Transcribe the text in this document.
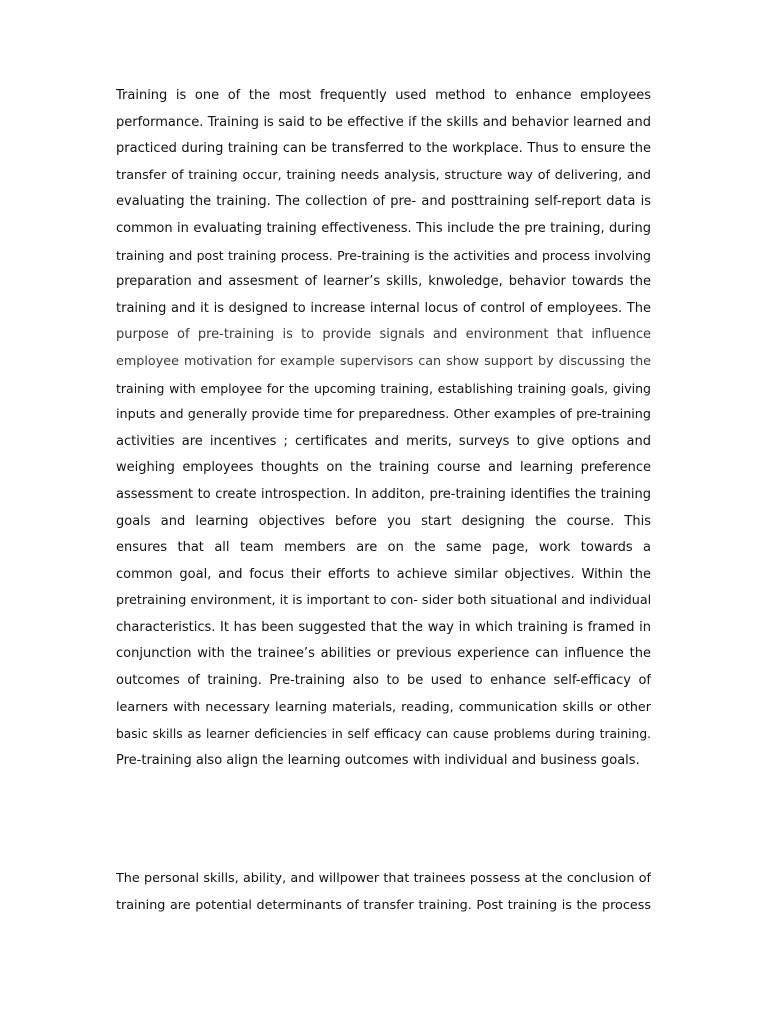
Training is one of the most frequently used method to enhance employees
performance. Training is said to be effective if the skills and behavior learned and
practiced during training can be transferred to the workplace. Thus to ensure the
transfer of training occur, training needs analysis, structure way of delivering, and
evaluating the training. The collection of pre- and posttraining self-report data is
common in evaluating training effectiveness. This include the pre training, during
training and post training process. Pre-training is the activities and process involving
preparation and assesment of learner’s skills, knwoledge, behavior towards the
training and it is designed to increase internal locus of control of employees. The
purpose of pre-training is to provide signals and environment that influence
employee motivation for example supervisors can show support by discussing the
training with employee for the upcoming training, establishing training goals, giving
inputs and generally provide time for preparedness. Other examples of pre-training
activities are incentives ; certificates and merits, surveys to give options and
weighing employees thoughts on the training course and learning preference
assessment to create introspection. In additon, pre-training identifies the training
goals and learning objectives before you start designing the course. This
ensures that all team members are on the same page, work towards a
common goal, and focus their efforts to achieve similar objectives. Within the
pretraining environment, it is important to con- sider both situational and individual
characteristics. It has been suggested that the way in which training is framed in
conjunction with the trainee’s abilities or previous experience can influence the
outcomes of training. Pre-training also to be used to enhance self-efficacy of
learners with necessary learning materials, reading, communication skills or other
basic skills as learner deficiencies in self efficacy can cause problems during training.
Pre-training also align the learning outcomes with individual and business goals.
The personal skills, ability, and willpower that trainees possess at the conclusion of
training are potential determinants of transfer training. Post training is the process
